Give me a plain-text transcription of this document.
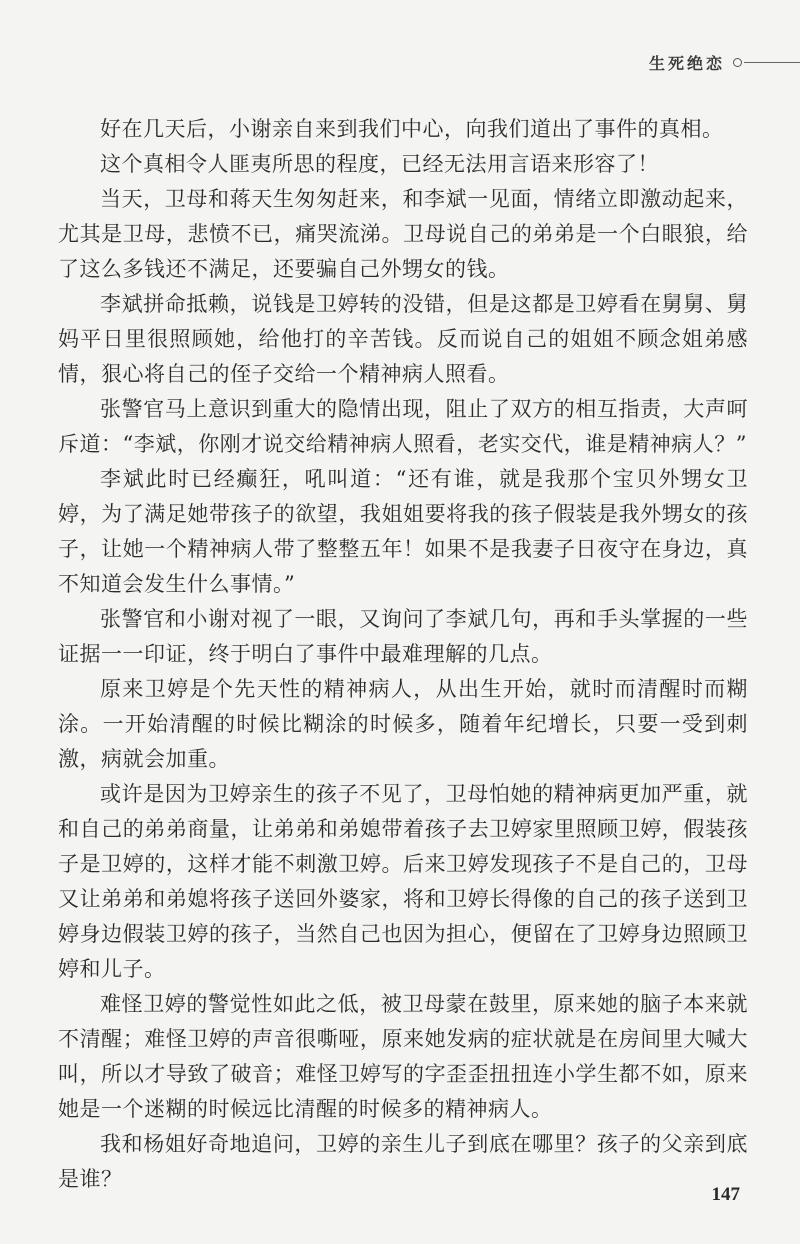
生死绝恋

好在几天后，小谢亲自来到我们中心，向我们道出了事件的真相。

这个真相令人匪夷所思的程度，已经无法用言语来形容了！

当天，卫母和蒋天生匆匆赶来，和李斌一见面，情绪立即激动起来，尤其是卫母，悲愤不已，痛哭流涕。卫母说自己的弟弟是一个白眼狼，给了这么多钱还不满足，还要骗自己外甥女的钱。

李斌拼命抵赖，说钱是卫婷转的没错，但是这都是卫婷看在舅舅、舅妈平日里很照顾她，给他打的辛苦钱。反而说自己的姐姐不顾念姐弟感情，狠心将自己的侄子交给一个精神病人照看。

张警官马上意识到重大的隐情出现，阻止了双方的相互指责，大声呵斥道：“李斌，你刚才说交给精神病人照看，老实交代，谁是精神病人？”

李斌此时已经癫狂，吼叫道：“还有谁，就是我那个宝贝外甥女卫婷，为了满足她带孩子的欲望，我姐姐要将我的孩子假装是我外甥女的孩子，让她一个精神病人带了整整五年！如果不是我妻子日夜守在身边，真不知道会发生什么事情。”

张警官和小谢对视了一眼，又询问了李斌几句，再和手头掌握的一些证据一一印证，终于明白了事件中最难理解的几点。

原来卫婷是个先天性的精神病人，从出生开始，就时而清醒时而糊涂。一开始清醒的时候比糊涂的时候多，随着年纪增长，只要一受到刺激，病就会加重。

或许是因为卫婷亲生的孩子不见了，卫母怕她的精神病更加严重，就和自己的弟弟商量，让弟弟和弟媳带着孩子去卫婷家里照顾卫婷，假装孩子是卫婷的，这样才能不刺激卫婷。后来卫婷发现孩子不是自己的，卫母又让弟弟和弟媳将孩子送回外婆家，将和卫婷长得像的自己的孩子送到卫婷身边假装卫婷的孩子，当然自己也因为担心，便留在了卫婷身边照顾卫婷和儿子。

难怪卫婷的警觉性如此之低，被卫母蒙在鼓里，原来她的脑子本来就不清醒；难怪卫婷的声音很嘶哑，原来她发病的症状就是在房间里大喊大叫，所以才导致了破音；难怪卫婷写的字歪歪扭扭连小学生都不如，原来她是一个迷糊的时候远比清醒的时候多的精神病人。

我和杨姐好奇地追问，卫婷的亲生儿子到底在哪里？孩子的父亲到底是谁？

147
